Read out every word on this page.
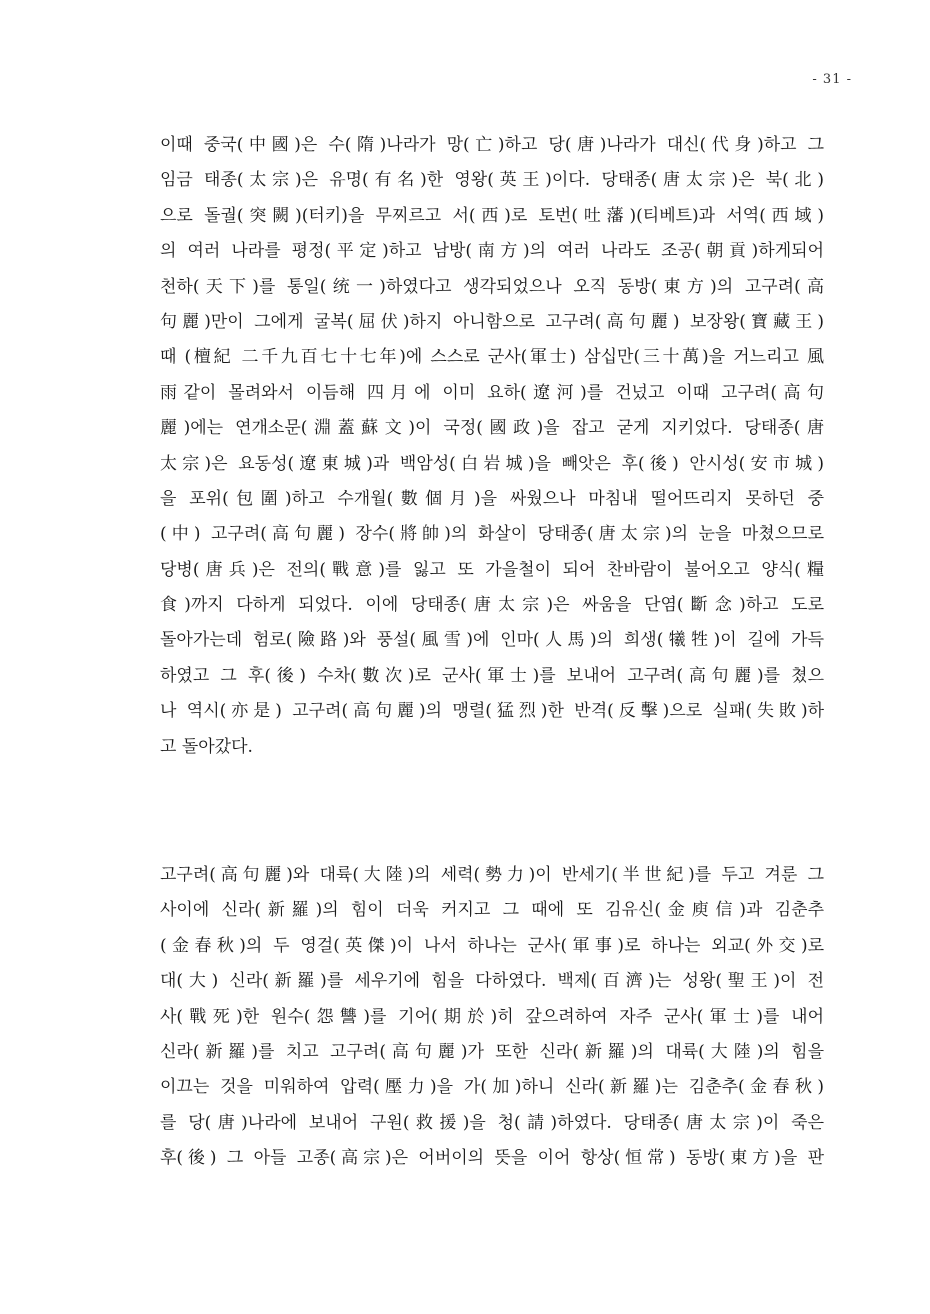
- 31 -
이때 중국(中國)은 수(隋)나라가 망(亡)하고 당(唐)나라가 대신(代身)하고 그
임금 태종(太宗)은 유명(有名)한 영왕(英王)이다. 당태종(唐太宗)은 북(北)
으로 돌궐(突闕)(터키)을 무찌르고 서(西)로 토번(吐藩)(티베트)과 서역(西域)
의 여러 나라를 평정(平定)하고 남방(南方)의 여러 나라도 조공(朝貢)하게되어
천하(天下)를 통일(统一)하였다고 생각되었으나 오직 동방(東方)의 고구려(高
句麗)만이 그에게 굴복(屈伏)하지 아니함으로 고구려(高句麗) 보장왕(寶藏王)
때 (檀紀 二千九百七十七年)에 스스로 군사(軍士) 삼십만(三十萬)을 거느리고 風
雨같이 몰려와서 이듬해 四月에 이미 요하(遼河)를 건넜고 이때 고구려(高句
麗)에는 연개소문(淵蓋蘇文)이 국정(國政)을 잡고 굳게 지키었다. 당태종(唐
太宗)은 요동성(遼東城)과 백암성(白岩城)을 빼앗은 후(後) 안시성(安市城)
을 포위(包圍)하고 수개월(數個月)을 싸웠으나 마침내 떨어뜨리지 못하던 중
(中) 고구려(高句麗) 장수(將帥)의 화살이 당태종(唐太宗)의 눈을 마쳤으므로
당병(唐兵)은 전의(戰意)를 잃고 또 가을철이 되어 찬바람이 불어오고 양식(糧
食)까지 다하게 되었다. 이에 당태종(唐太宗)은 싸움을 단염(斷念)하고 도로
돌아가는데 험로(險路)와 풍설(風雪)에 인마(人馬)의 희생(犧牲)이 길에 가득
하였고 그 후(後) 수차(數次)로 군사(軍士)를 보내어 고구려(高句麗)를 쳤으
나 역시(亦是) 고구려(高句麗)의 맹렬(猛烈)한 반격(反擊)으로 실패(失敗)하
고 돌아갔다.
고구려(高句麗)와 대륙(大陸)의 세력(勢力)이 반세기(半世紀)를 두고 겨룬 그
사이에 신라(新羅)의 힘이 더욱 커지고 그 때에 또 김유신(金庾信)과 김춘추
(金春秋)의 두 영걸(英傑)이 나서 하나는 군사(軍事)로 하나는 외교(外交)로
대(大) 신라(新羅)를 세우기에 힘을 다하였다. 백제(百濟)는 성왕(聖王)이 전
사(戰死)한 원수(怨讐)를 기어(期於)히 갚으려하여 자주 군사(軍士)를 내어
신라(新羅)를 치고 고구려(高句麗)가 또한 신라(新羅)의 대륙(大陸)의 힘을
이끄는 것을 미워하여 압력(壓力)을 가(加)하니 신라(新羅)는 김춘추(金春秋)
를 당(唐)나라에 보내어 구원(救援)을 청(請)하였다. 당태종(唐太宗)이 죽은
후(後) 그 아들 고종(高宗)은 어버이의 뜻을 이어 항상(恒常) 동방(東方)을 판
